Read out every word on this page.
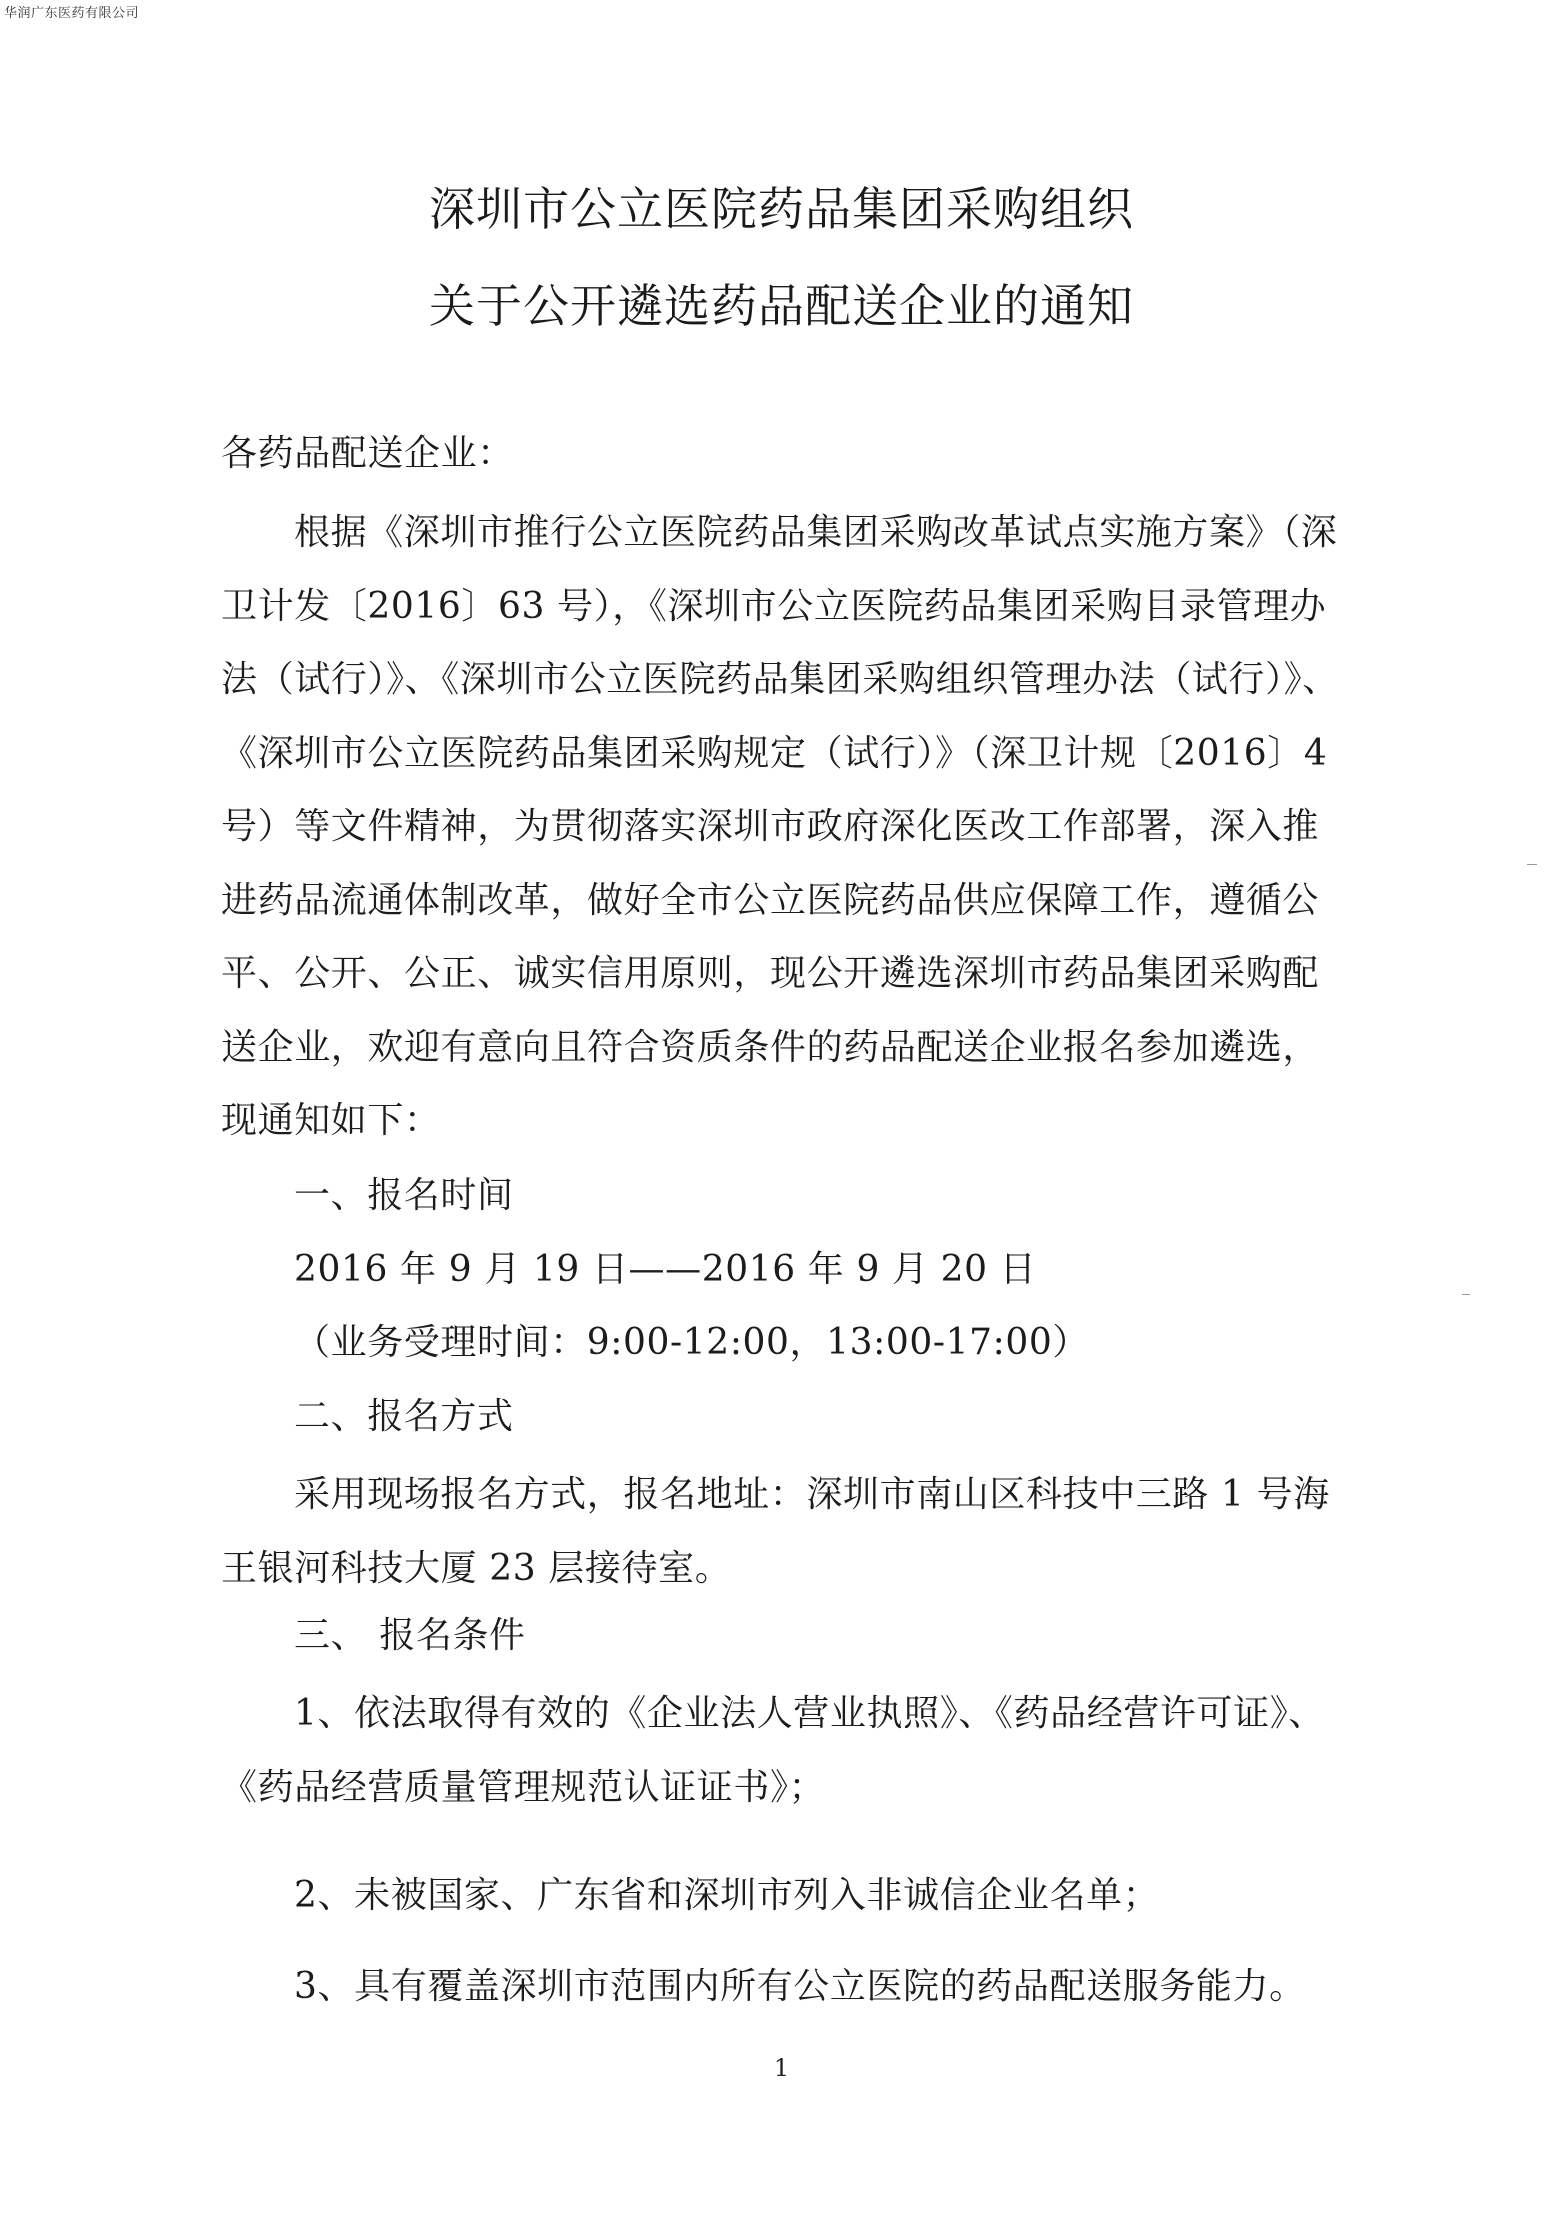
华润广东医药有限公司
深圳市公立医院药品集团采购组织
关于公开遴选药品配送企业的通知
各药品配送企业：

根据《深圳市推行公立医院药品集团采购改革试点实施方案》（深卫计发〔2016〕63 号），《深圳市公立医院药品集团采购目录管理办法（试行）》、《深圳市公立医院药品集团采购组织管理办法（试行）》、《深圳市公立医院药品集团采购规定（试行）》（深卫计规〔2016〕4号）等文件精神，为贯彻落实深圳市政府深化医改工作部署，深入推进药品流通体制改革，做好全市公立医院药品供应保障工作，遵循公平、公开、公正、诚实信用原则，现公开遴选深圳市药品集团采购配送企业，欢迎有意向且符合资质条件的药品配送企业报名参加遴选，现通知如下：

一、报名时间
2016 年 9 月 19 日——2016 年 9 月 20 日
（业务受理时间：9:00-12:00，13:00-17:00）
二、报名方式

采用现场报名方式，报名地址：深圳市南山区科技中三路 1 号海王银河科技大厦 23 层接待室。

三、 报名条件

1、依法取得有效的《企业法人营业执照》、《药品经营许可证》、《药品经营质量管理规范认证证书》；

2、未被国家、广东省和深圳市列入非诚信企业名单；
3、具有覆盖深圳市范围内所有公立医院的药品配送服务能力。
1
